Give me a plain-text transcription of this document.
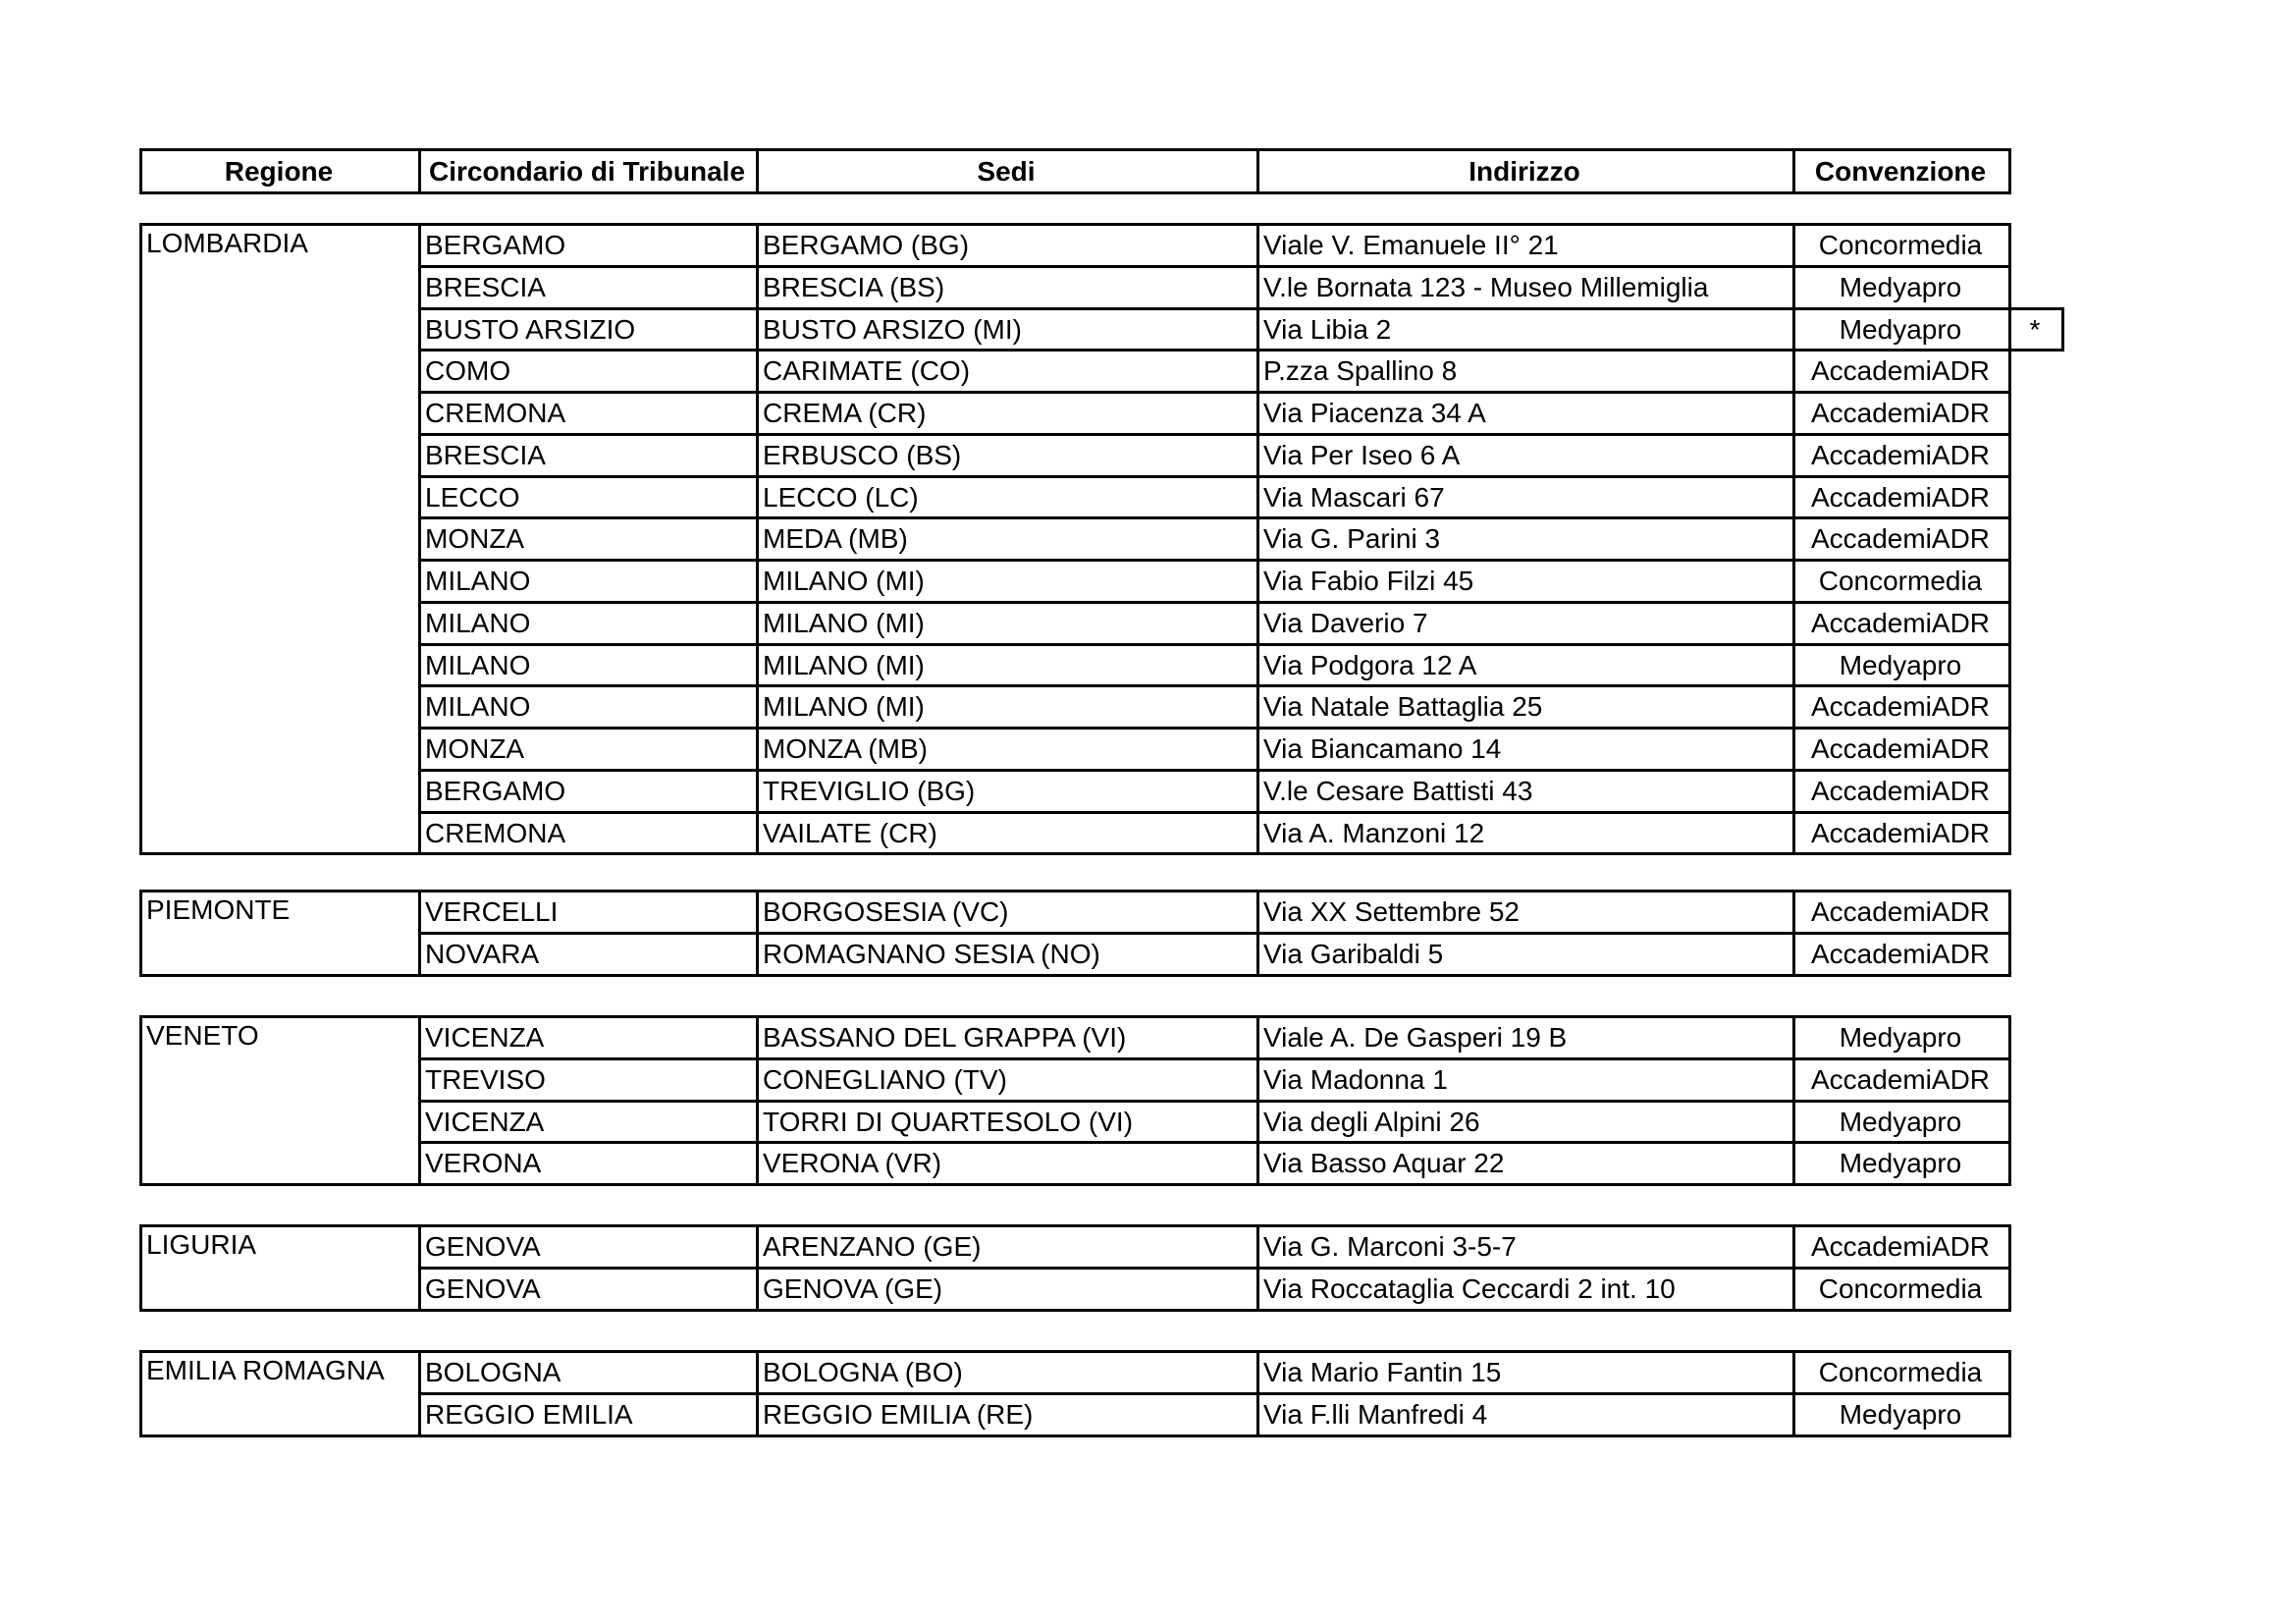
Regione	Circondario di Tribunale	Sedi	Indirizzo	Convenzione
LOMBARDIA	BERGAMO	BERGAMO (BG)	Viale V. Emanuele II° 21	Concormedia
BRESCIA	BRESCIA (BS)	V.le Bornata 123 - Museo Millemiglia	Medyapro
BUSTO ARSIZIO	BUSTO ARSIZO (MI)	Via Libia 2	Medyapro	*
COMO	CARIMATE (CO)	P.zza Spallino 8	AccademiADR
CREMONA	CREMA (CR)	Via Piacenza 34 A	AccademiADR
BRESCIA	ERBUSCO (BS)	Via Per Iseo 6 A	AccademiADR
LECCO	LECCO (LC)	Via Mascari 67	AccademiADR
MONZA	MEDA (MB)	Via G. Parini 3	AccademiADR
MILANO	MILANO (MI)	Via Fabio Filzi 45	Concormedia
MILANO	MILANO (MI)	Via Daverio 7	AccademiADR
MILANO	MILANO (MI)	Via Podgora 12 A	Medyapro
MILANO	MILANO (MI)	Via Natale Battaglia 25	AccademiADR
MONZA	MONZA (MB)	Via Biancamano 14	AccademiADR
BERGAMO	TREVIGLIO (BG)	V.le Cesare Battisti 43	AccademiADR
CREMONA	VAILATE (CR)	Via A. Manzoni 12	AccademiADR
PIEMONTE	VERCELLI	BORGOSESIA (VC)	Via XX Settembre 52	AccademiADR
NOVARA	ROMAGNANO SESIA (NO)	Via Garibaldi 5	AccademiADR
VENETO	VICENZA	BASSANO DEL GRAPPA (VI)	Viale A. De Gasperi 19 B	Medyapro
TREVISO	CONEGLIANO (TV)	Via Madonna 1	AccademiADR
VICENZA	TORRI DI QUARTESOLO (VI)	Via degli Alpini 26	Medyapro
VERONA	VERONA (VR)	Via Basso Aquar 22	Medyapro
LIGURIA	GENOVA	ARENZANO (GE)	Via G. Marconi 3-5-7	AccademiADR
GENOVA	GENOVA (GE)	Via Roccataglia Ceccardi 2 int. 10	Concormedia
EMILIA ROMAGNA	BOLOGNA	BOLOGNA (BO)	Via Mario Fantin 15	Concormedia
REGGIO EMILIA	REGGIO EMILIA (RE)	Via F.lli Manfredi 4	Medyapro
